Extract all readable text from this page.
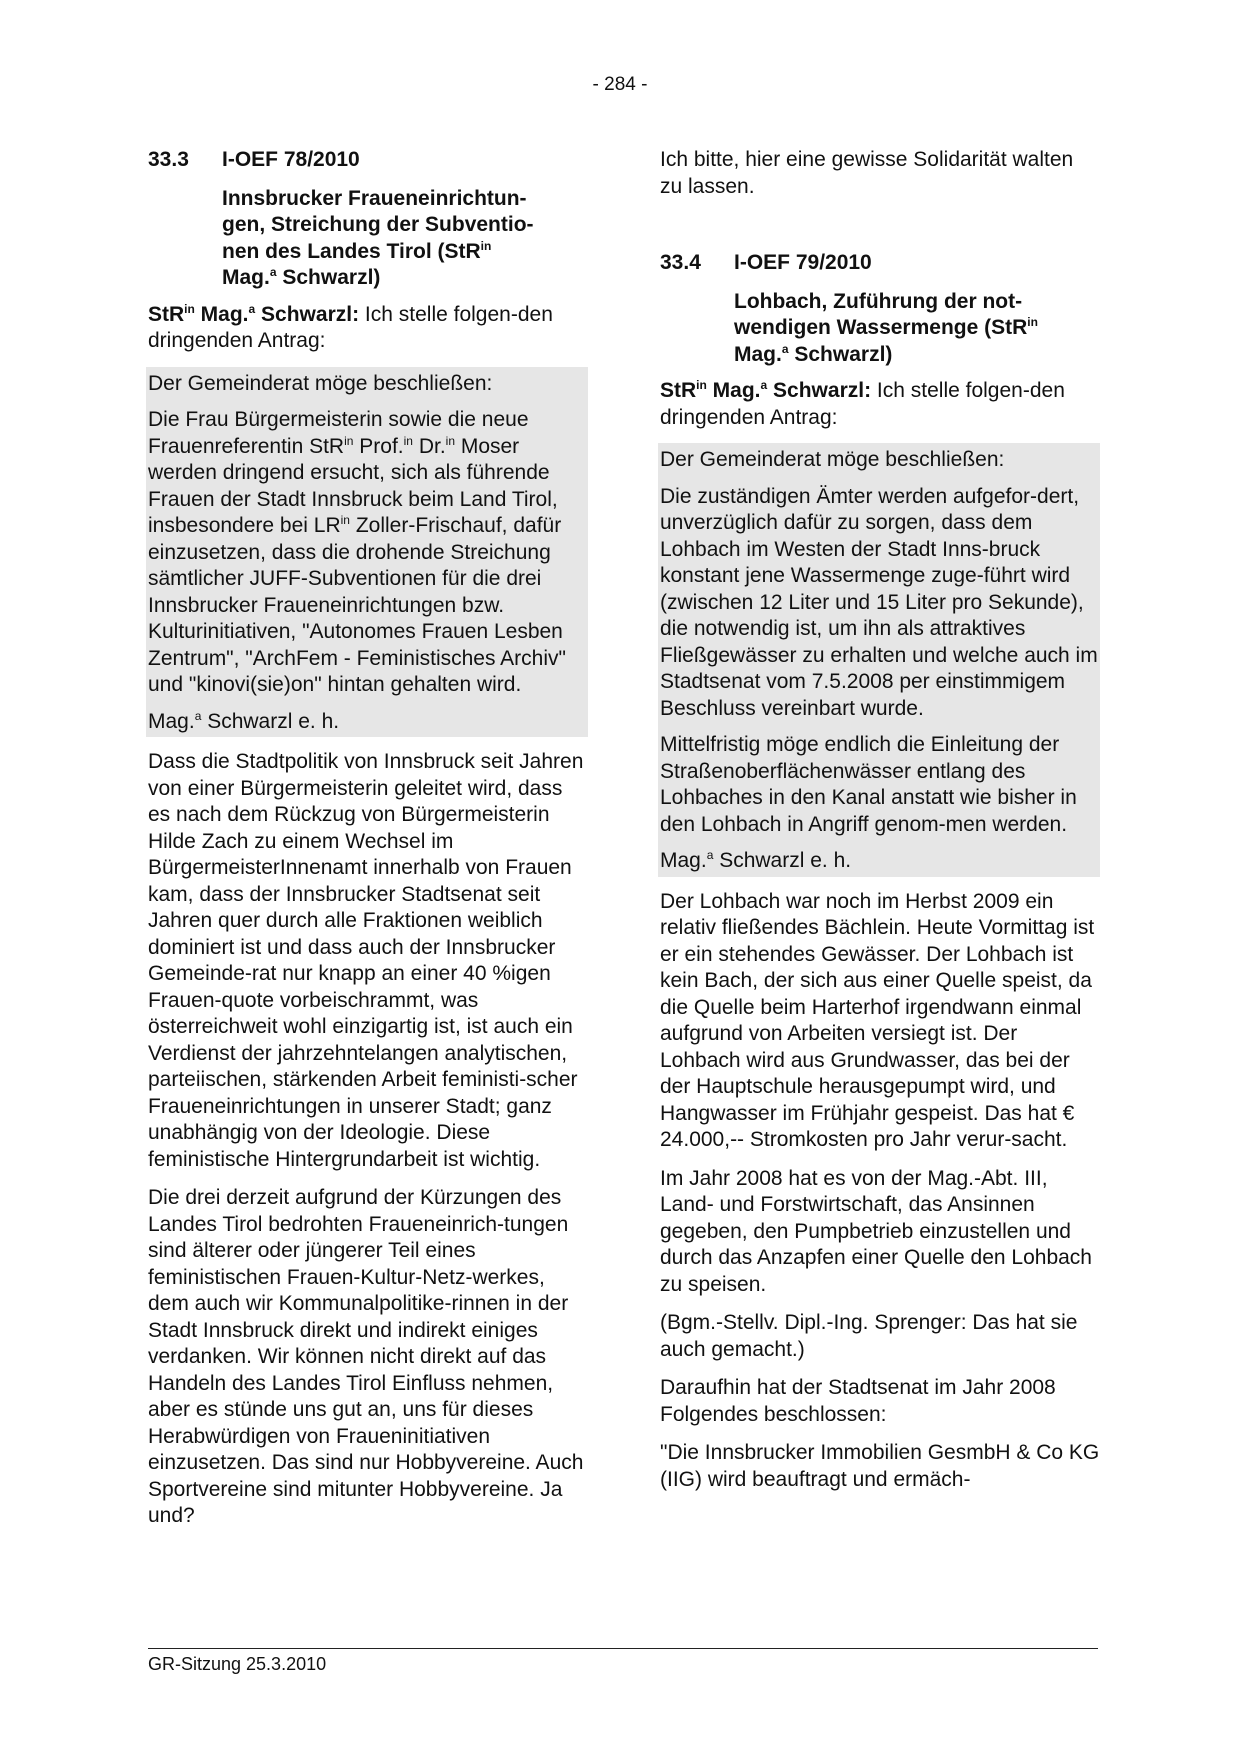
- 284 -
33.3	I-OEF 78/2010
Innsbrucker Fraueneinrichtun-
gen, Streichung der Subventio-
nen des Landes Tirol (StR$^{in}$
Mag.$^a$ Schwarzl)

StR$^{in}$ Mag.$^a$ Schwarzl: Ich stelle folgen-den dringenden Antrag:

Der Gemeinderat möge beschließen:

Die Frau Bürgermeisterin sowie die neue Frauenreferentin StR$^{in}$ Prof.$^{in}$ Dr.$^{in}$ Moser werden dringend ersucht, sich als führende Frauen der Stadt Innsbruck beim Land Tirol, insbesondere bei $LR^{in}$ Zoller-Frischauf, dafür einzusetzen, dass die drohende Streichung sämtlicher JUFF-Subventionen für die drei Innsbrucker Fraueneinrichtungen bzw. Kulturinitiativen, "Autonomes Frauen Lesben Zentrum", "ArchFem - Feministisches Archiv" und "kinovi(sie)on" hintan gehalten wird.

Mag.$^a$ Schwarzl e. h.

Dass die Stadtpolitik von Innsbruck seit Jahren von einer Bürgermeisterin geleitet wird, dass es nach dem Rückzug von Bürgermeisterin Hilde Zach zu einem Wechsel im BürgermeisterInnenamt innerhalb von Frauen kam, dass der Innsbrucker Stadtsenat seit Jahren quer durch alle Fraktionen weiblich dominiert ist und dass auch der Innsbrucker Gemeinde-rat nur knapp an einer 40 %igen Frauen-quote vorbeischrammt, was österreichweit wohl einzigartig ist, ist auch ein Verdienst der jahrzehntelangen analytischen, parteiischen, stärkenden Arbeit feministi-scher Fraueneinrichtungen in unserer Stadt; ganz unabhängig von der Ideologie. Diese feministische Hintergrundarbeit ist wichtig.

Die drei derzeit aufgrund der Kürzungen des Landes Tirol bedrohten Fraueneinrich-tungen sind älterer oder jüngerer Teil eines feministischen Frauen-Kultur-Netz-werkes, dem auch wir Kommunalpolitike-rinnen in der Stadt Innsbruck direkt und indirekt einiges verdanken. Wir können nicht direkt auf das Handeln des Landes Tirol Einfluss nehmen, aber es stünde uns gut an, uns für dieses Herabwürdigen von Fraueninitiativen einzusetzen. Das sind nur Hobbyvereine. Auch Sportvereine sind mitunter Hobbyvereine. Ja und?

Ich bitte, hier eine gewisse Solidarität walten zu lassen.

33.4	I-OEF 79/2010
Lohbach, Zuführung der not-
wendigen Wassermenge (StR$^{in}$
Mag.$^a$ Schwarzl)

StR$^{in}$ Mag.$^a$ Schwarzl: Ich stelle folgen-den dringenden Antrag:

Der Gemeinderat möge beschließen:

Die zuständigen Ämter werden aufgefor-dert, unverzüglich dafür zu sorgen, dass dem Lohbach im Westen der Stadt Inns-bruck konstant jene Wassermenge zuge-führt wird (zwischen 12 Liter und 15 Liter pro Sekunde), die notwendig ist, um ihn als attraktives Fließgewässer zu erhalten und welche auch im Stadtsenat vom 7.5.2008 per einstimmigem Beschluss vereinbart wurde.

Mittelfristig möge endlich die Einleitung der Straßenoberflächenwässer entlang des Lohbaches in den Kanal anstatt wie bisher in den Lohbach in Angriff genom-men werden.

Mag.$^a$ Schwarzl e. h.

Der Lohbach war noch im Herbst 2009 ein relativ fließendes Bächlein. Heute Vormittag ist er ein stehendes Gewässer. Der Lohbach ist kein Bach, der sich aus einer Quelle speist, da die Quelle beim Harterhof irgendwann einmal aufgrund von Arbeiten versiegt ist. Der Lohbach wird aus Grundwasser, das bei der der Hauptschule herausgepumpt wird, und Hangwasser im Frühjahr gespeist. Das hat € 24.000,-- Stromkosten pro Jahr verur-sacht.

Im Jahr 2008 hat es von der Mag.-Abt. III, Land- und Forstwirtschaft, das Ansinnen gegeben, den Pumpbetrieb einzustellen und durch das Anzapfen einer Quelle den Lohbach zu speisen.

(Bgm.-Stellv. Dipl.-Ing. Sprenger: Das hat sie auch gemacht.)

Daraufhin hat der Stadtsenat im Jahr 2008 Folgendes beschlossen:

"Die Innsbrucker Immobilien GesmbH & Co KG (IIG) wird beauftragt und ermäch-

GR-Sitzung 25.3.2010
